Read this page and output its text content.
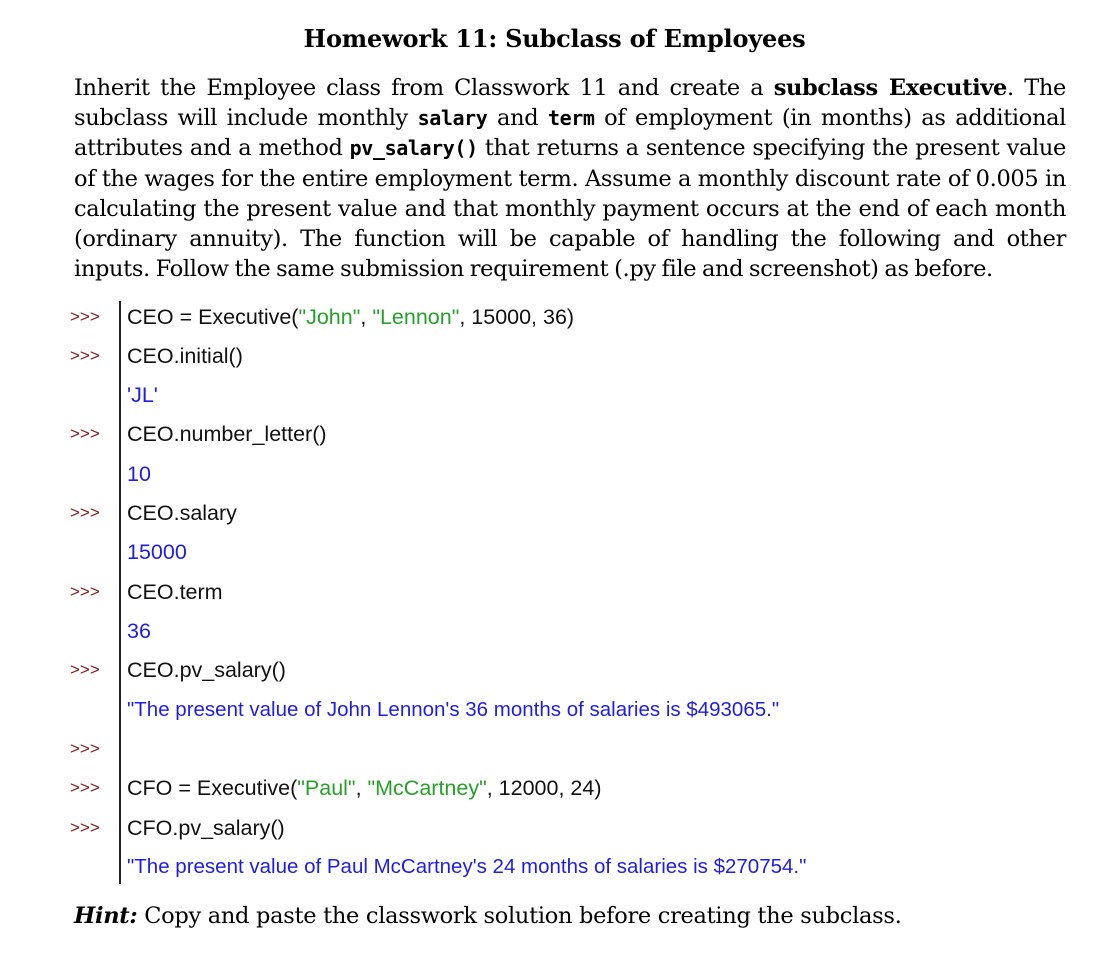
Homework 11: Subclass of Employees
Inherit the Employee class from Classwork 11 and create a subclass Executive. The subclass will include monthly salary and term of employment (in months) as additional attributes and a method pv_salary() that returns a sentence specifying the present value of the wages for the entire employment term. Assume a monthly discount rate of 0.005 in calculating the present value and that monthly payment occurs at the end of each month (ordinary annuity). The function will be capable of handling the following and other inputs. Follow the same submission requirement (.py file and screenshot) as before.
>>>	CEO = Executive("John", "Lennon", 15000, 36)
>>>	CEO.initial()
'JL'
>>>	CEO.number_letter()
10
>>>	CEO.salary
15000
>>>	CEO.term
36
>>>	CEO.pv_salary()
"The present value of John Lennon's 36 months of salaries is $493065."
>>>
>>>	CFO = Executive("Paul", "McCartney", 12000, 24)
>>>	CFO.pv_salary()
"The present value of Paul McCartney's 24 months of salaries is $270754."
Hint: Copy and paste the classwork solution before creating the subclass.
